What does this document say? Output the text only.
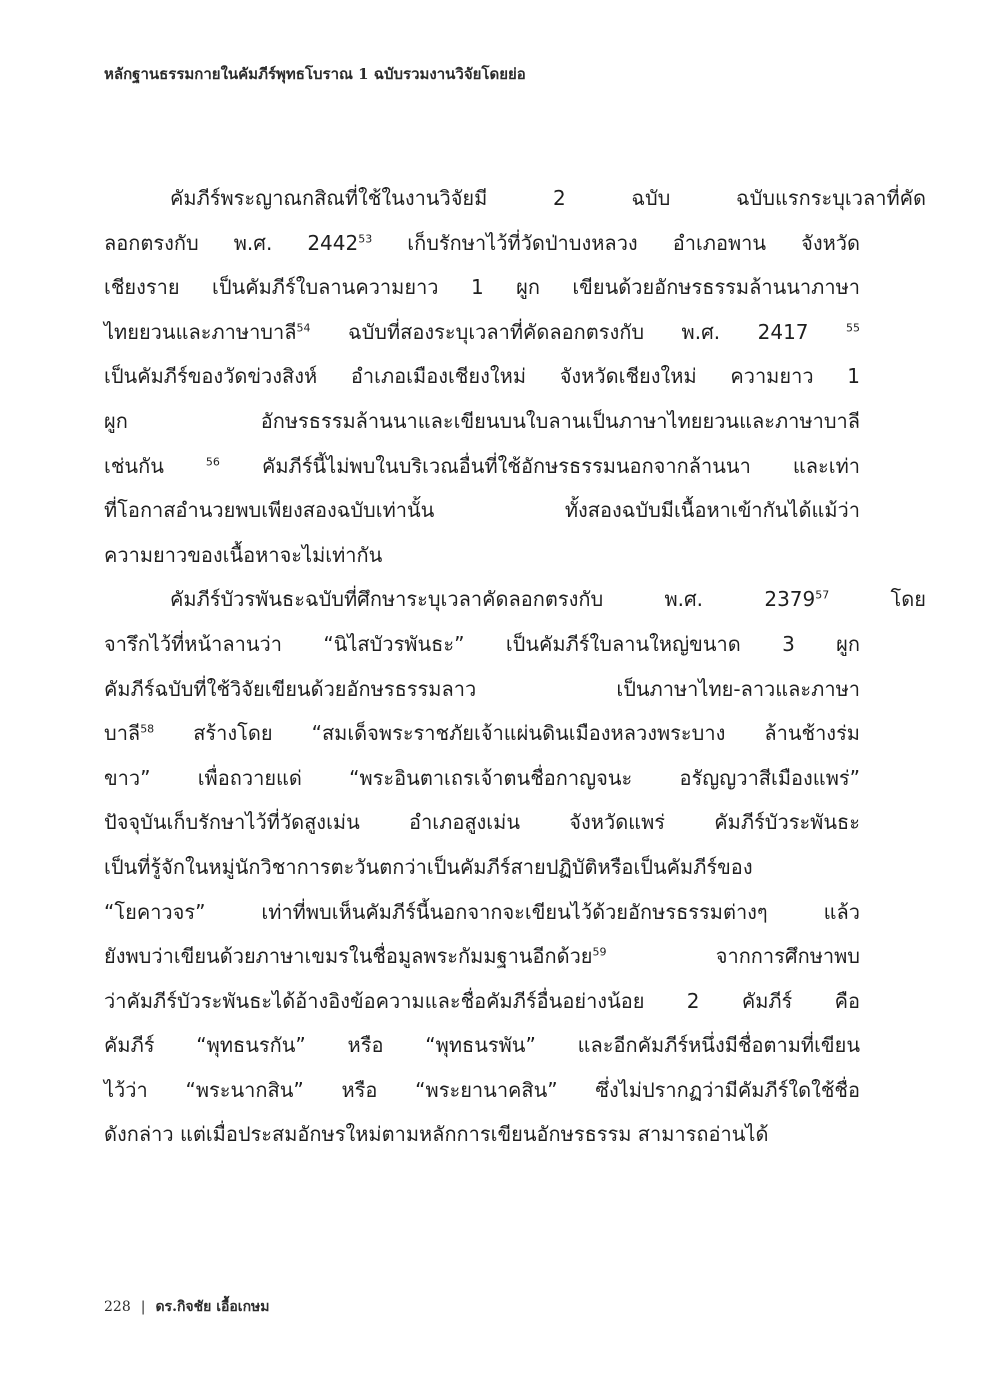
หลักฐานธรรมกายในคัมภีร์พุทธโบราณ 1 ฉบับรวมงานวิจัยโดยย่อ
คัมภีร์พระญาณกสิณที่ใช้ในงานวิจัยมี 2 ฉบับ ฉบับแรกระบุเวลาที่คัด
ลอกตรงกับ พ.ศ. 2442$^{53}$ เก็บรักษาไว้ที่วัดป่าบงหลวง อำเภอพาน จังหวัด
เชียงราย เป็นคัมภีร์ใบลานความยาว 1 ผูก เขียนด้วยอักษรธรรมล้านนาภาษา
ไทยยวนและภาษาบาลี$^{54}$ ฉบับที่สองระบุเวลาที่คัดลอกตรงกับ พ.ศ. 2417 $^{55}$
เป็นคัมภีร์ของวัดข่วงสิงห์ อำเภอเมืองเชียงใหม่ จังหวัดเชียงใหม่ ความยาว 1
ผูก อักษรธรรมล้านนาและเขียนบนใบลานเป็นภาษาไทยยวนและภาษาบาลี
เช่นกัน $^{56}$ คัมภีร์นี้ไม่พบในบริเวณอื่นที่ใช้อักษรธรรมนอกจากล้านนา และเท่า
ที่โอกาสอำนวยพบเพียงสองฉบับเท่านั้น ทั้งสองฉบับมีเนื้อหาเข้ากันได้แม้ว่า
ความยาวของเนื้อหาจะไม่เท่ากัน
คัมภีร์บัวรพันธะฉบับที่ศึกษาระบุเวลาคัดลอกตรงกับ พ.ศ. 2379$^{57}$ โดย
จารึกไว้ที่หน้าลานว่า “นิไสบัวรพันธะ” เป็นคัมภีร์ใบลานใหญ่ขนาด 3 ผูก
คัมภีร์ฉบับที่ใช้วิจัยเขียนด้วยอักษรธรรมลาว เป็นภาษาไทย-ลาวและภาษา
บาลี$^{58}$ สร้างโดย “สมเด็จพระราชภัยเจ้าแผ่นดินเมืองหลวงพระบาง ล้านช้างร่ม
ขาว” เพื่อถวายแด่ “พระอินตาเถรเจ้าตนชื่อกาญจนะ อรัญญวาสีเมืองแพร่”
ปัจจุบันเก็บรักษาไว้ที่วัดสูงเม่น อำเภอสูงเม่น จังหวัดแพร่ คัมภีร์บัวระพันธะ
เป็นที่รู้จักในหมู่นักวิชาการตะวันตกว่าเป็นคัมภีร์สายปฏิบัติหรือเป็นคัมภีร์ของ
“โยคาวจร” เท่าที่พบเห็นคัมภีร์นี้นอกจากจะเขียนไว้ด้วยอักษรธรรมต่างๆ แล้ว
ยังพบว่าเขียนด้วยภาษาเขมรในชื่อมูลพระกัมมฐานอีกด้วย$^{59}$ จากการศึกษาพบ
ว่าคัมภีร์บัวระพันธะได้อ้างอิงข้อความและชื่อคัมภีร์อื่นอย่างน้อย 2 คัมภีร์ คือ
คัมภีร์ “พุทธนรกัน” หรือ “พุทธนรพัน” และอีกคัมภีร์หนึ่งมีชื่อตามที่เขียน
ไว้ว่า “พระนากสิน” หรือ “พระยานาคสิน” ซึ่งไม่ปรากฏว่ามีคัมภีร์ใดใช้ชื่อ
ดังกล่าว แต่เมื่อประสมอักษรใหม่ตามหลักการเขียนอักษรธรรม สามารถอ่านได้
228 | ดร.กิจชัย เอื้อเกษม
